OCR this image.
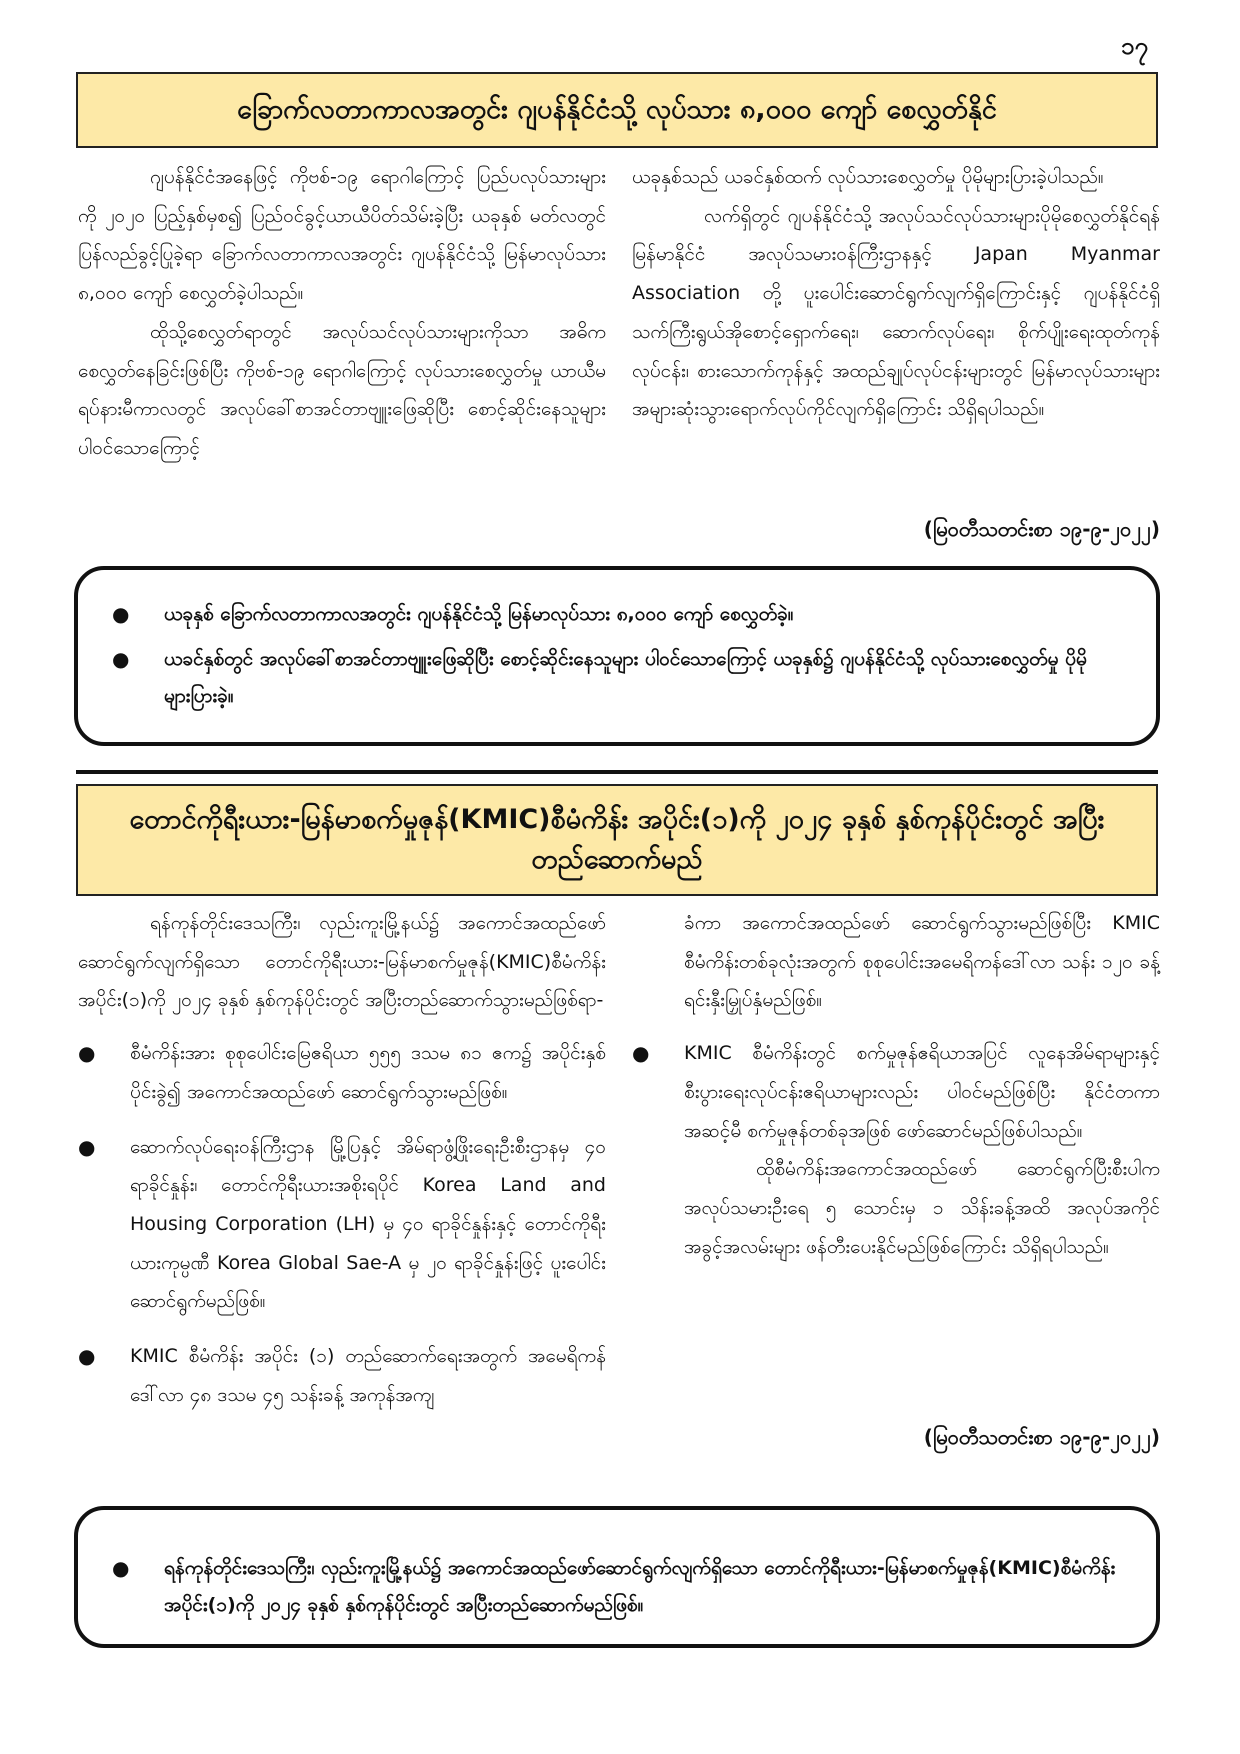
၁၇
ခြောက်လတာကာလအတွင်း ဂျပန်နိုင်ငံသို့ လုပ်သား ၈,၀၀၀ ကျော် စေလွှတ်နိုင်

ဂျပန်နိုင်ငံအနေဖြင့် ကိုဗစ်-၁၉ ရောဂါကြောင့် ပြည်ပလုပ်သားများကို ၂၀၂၀ ပြည့်နှစ်မှစ၍ ပြည်ဝင်ခွင့်ယာယီပိတ်သိမ်းခဲ့ပြီး ယခုနှစ် မတ်လတွင် ပြန်လည်ခွင့်ပြုခဲ့ရာ ခြောက်လတာကာလအတွင်း ဂျပန်နိုင်ငံသို့ မြန်မာလုပ်သား ၈,၀၀၀ ကျော် စေလွှတ်ခဲ့ပါသည်။

ထိုသို့စေလွှတ်ရာတွင် အလုပ်သင်လုပ်သားများကိုသာ အဓိကစေလွှတ်နေခြင်းဖြစ်ပြီး ကိုဗစ်-၁၉ ရောဂါကြောင့် လုပ်သားစေလွှတ်မှု ယာယီမရပ်နားမီကာလတွင် အလုပ်ခေါ်စာအင်တာဗျူးဖြေဆိုပြီး စောင့်ဆိုင်းနေသူများ ပါဝင်သောကြောင့်

ယခုနှစ်သည် ယခင်နှစ်ထက် လုပ်သားစေလွှတ်မှု ပိုမိုများပြားခဲ့ပါသည်။

လက်ရှိတွင် ဂျပန်နိုင်ငံသို့ အလုပ်သင်လုပ်သားများပိုမိုစေလွှတ်နိုင်ရန် မြန်မာနိုင်ငံ အလုပ်သမားဝန်ကြီးဌာနနှင့် Japan Myanmar Association တို့ ပူးပေါင်းဆောင်ရွက်လျက်ရှိကြောင်းနှင့် ဂျပန်နိုင်ငံရှိ သက်ကြီးရွယ်အိုစောင့်ရှောက်ရေး၊ ဆောက်လုပ်ရေး၊ စိုက်ပျိုးရေးထုတ်ကုန်လုပ်ငန်း၊ စားသောက်ကုန်နှင့် အထည်ချုပ်လုပ်ငန်းများတွင် မြန်မာလုပ်သားများ အများဆုံးသွားရောက်လုပ်ကိုင်လျက်ရှိကြောင်း သိရှိရပါသည်။

(မြဝတီသတင်းစာ ၁၉-၉-၂၀၂၂)
● ယခုနှစ် ခြောက်လတာကာလအတွင်း ဂျပန်နိုင်ငံသို့ မြန်မာလုပ်သား ၈,၀၀၀ ကျော် စေလွှတ်ခဲ့။
● ယခင်နှစ်တွင် အလုပ်ခေါ်စာအင်တာဗျူးဖြေဆိုပြီး စောင့်ဆိုင်းနေသူများ ပါဝင်သောကြောင့် ယခုနှစ်၌ ဂျပန်နိုင်ငံသို့ လုပ်သားစေလွှတ်မှု ပိုမိုများပြားခဲ့။
တောင်ကိုရီးယား-မြန်မာစက်မှုဇုန်(KMIC)စီမံကိန်း အပိုင်း(၁)ကို ၂၀၂၄ ခုနှစ် နှစ်ကုန်ပိုင်းတွင် အပြီးတည်ဆောက်မည်

ရန်ကုန်တိုင်းဒေသကြီး၊ လှည်းကူးမြို့နယ်၌ အကောင်အထည်ဖော်ဆောင်ရွက်လျက်ရှိသော တောင်ကိုရီးယား-မြန်မာစက်မှုဇုန်(KMIC)စီမံကိန်း အပိုင်း(၁)ကို ၂၀၂၄ ခုနှစ် နှစ်ကုန်ပိုင်းတွင် အပြီးတည်ဆောက်သွားမည်ဖြစ်ရာ-

● စီမံကိန်းအား စုစုပေါင်းမြေဧရိယာ ၅၅၅ ဒသမ ၈၁ ဧက၌ အပိုင်းနှစ်ပိုင်းခွဲ၍ အကောင်အထည်ဖော် ဆောင်ရွက်သွားမည်ဖြစ်။
● ဆောက်လုပ်ရေးဝန်ကြီးဌာန မြို့ပြနှင့် အိမ်ရာဖွံ့ဖြိုးရေးဦးစီးဌာနမှ ၄၀ ရာခိုင်နှုန်း၊ တောင်ကိုရီးယားအစိုးရပိုင် Korea Land and Housing Corporation (LH) မှ ၄၀ ရာခိုင်နှုန်းနှင့် တောင်ကိုရီးယားကုမ္ပဏီ Korea Global Sae-A မှ ၂၀ ရာခိုင်နှုန်းဖြင့် ပူးပေါင်းဆောင်ရွက်မည်ဖြစ်။
● KMIC စီမံကိန်း အပိုင်း (၁) တည်ဆောက်ရေးအတွက် အမေရိကန်ဒေါ်လာ ၄၈ ဒသမ ၄၅ သန်းခန့် အကုန်အကျ

ခံကာ အကောင်အထည်ဖော် ဆောင်ရွက်သွားမည်ဖြစ်ပြီး KMIC စီမံကိန်းတစ်ခုလုံးအတွက် စုစုပေါင်းအမေရိကန်ဒေါ်လာ သန်း ၁၂၀ ခန့် ရင်းနှီးမြှုပ်နှံမည်ဖြစ်။

● KMIC စီမံကိန်းတွင် စက်မှုဇုန်ဧရိယာအပြင် လူနေအိမ်ရာများနှင့် စီးပွားရေးလုပ်ငန်းဧရိယာများလည်း ပါဝင်မည်ဖြစ်ပြီး နိုင်ငံတကာအဆင့်မီ စက်မှုဇုန်တစ်ခုအဖြစ် ဖော်ဆောင်မည်ဖြစ်ပါသည်။

ထိုစီမံကိန်းအကောင်အထည်ဖော် ဆောင်ရွက်ပြီးစီးပါက အလုပ်သမားဦးရေ ၅ သောင်းမှ ၁ သိန်းခန့်အထိ အလုပ်အကိုင်အခွင့်အလမ်းများ ဖန်တီးပေးနိုင်မည်ဖြစ်ကြောင်း သိရှိရပါသည်။

(မြဝတီသတင်းစာ ၁၉-၉-၂၀၂၂)
● ရန်ကုန်တိုင်းဒေသကြီး၊ လှည်းကူးမြို့နယ်၌ အကောင်အထည်ဖော်ဆောင်ရွက်လျက်ရှိသော တောင်ကိုရီးယား-မြန်မာစက်မှုဇုန်(KMIC)စီမံကိန်း အပိုင်း(၁)ကို ၂၀၂၄ ခုနှစ် နှစ်ကုန်ပိုင်းတွင် အပြီးတည်ဆောက်မည်ဖြစ်။
